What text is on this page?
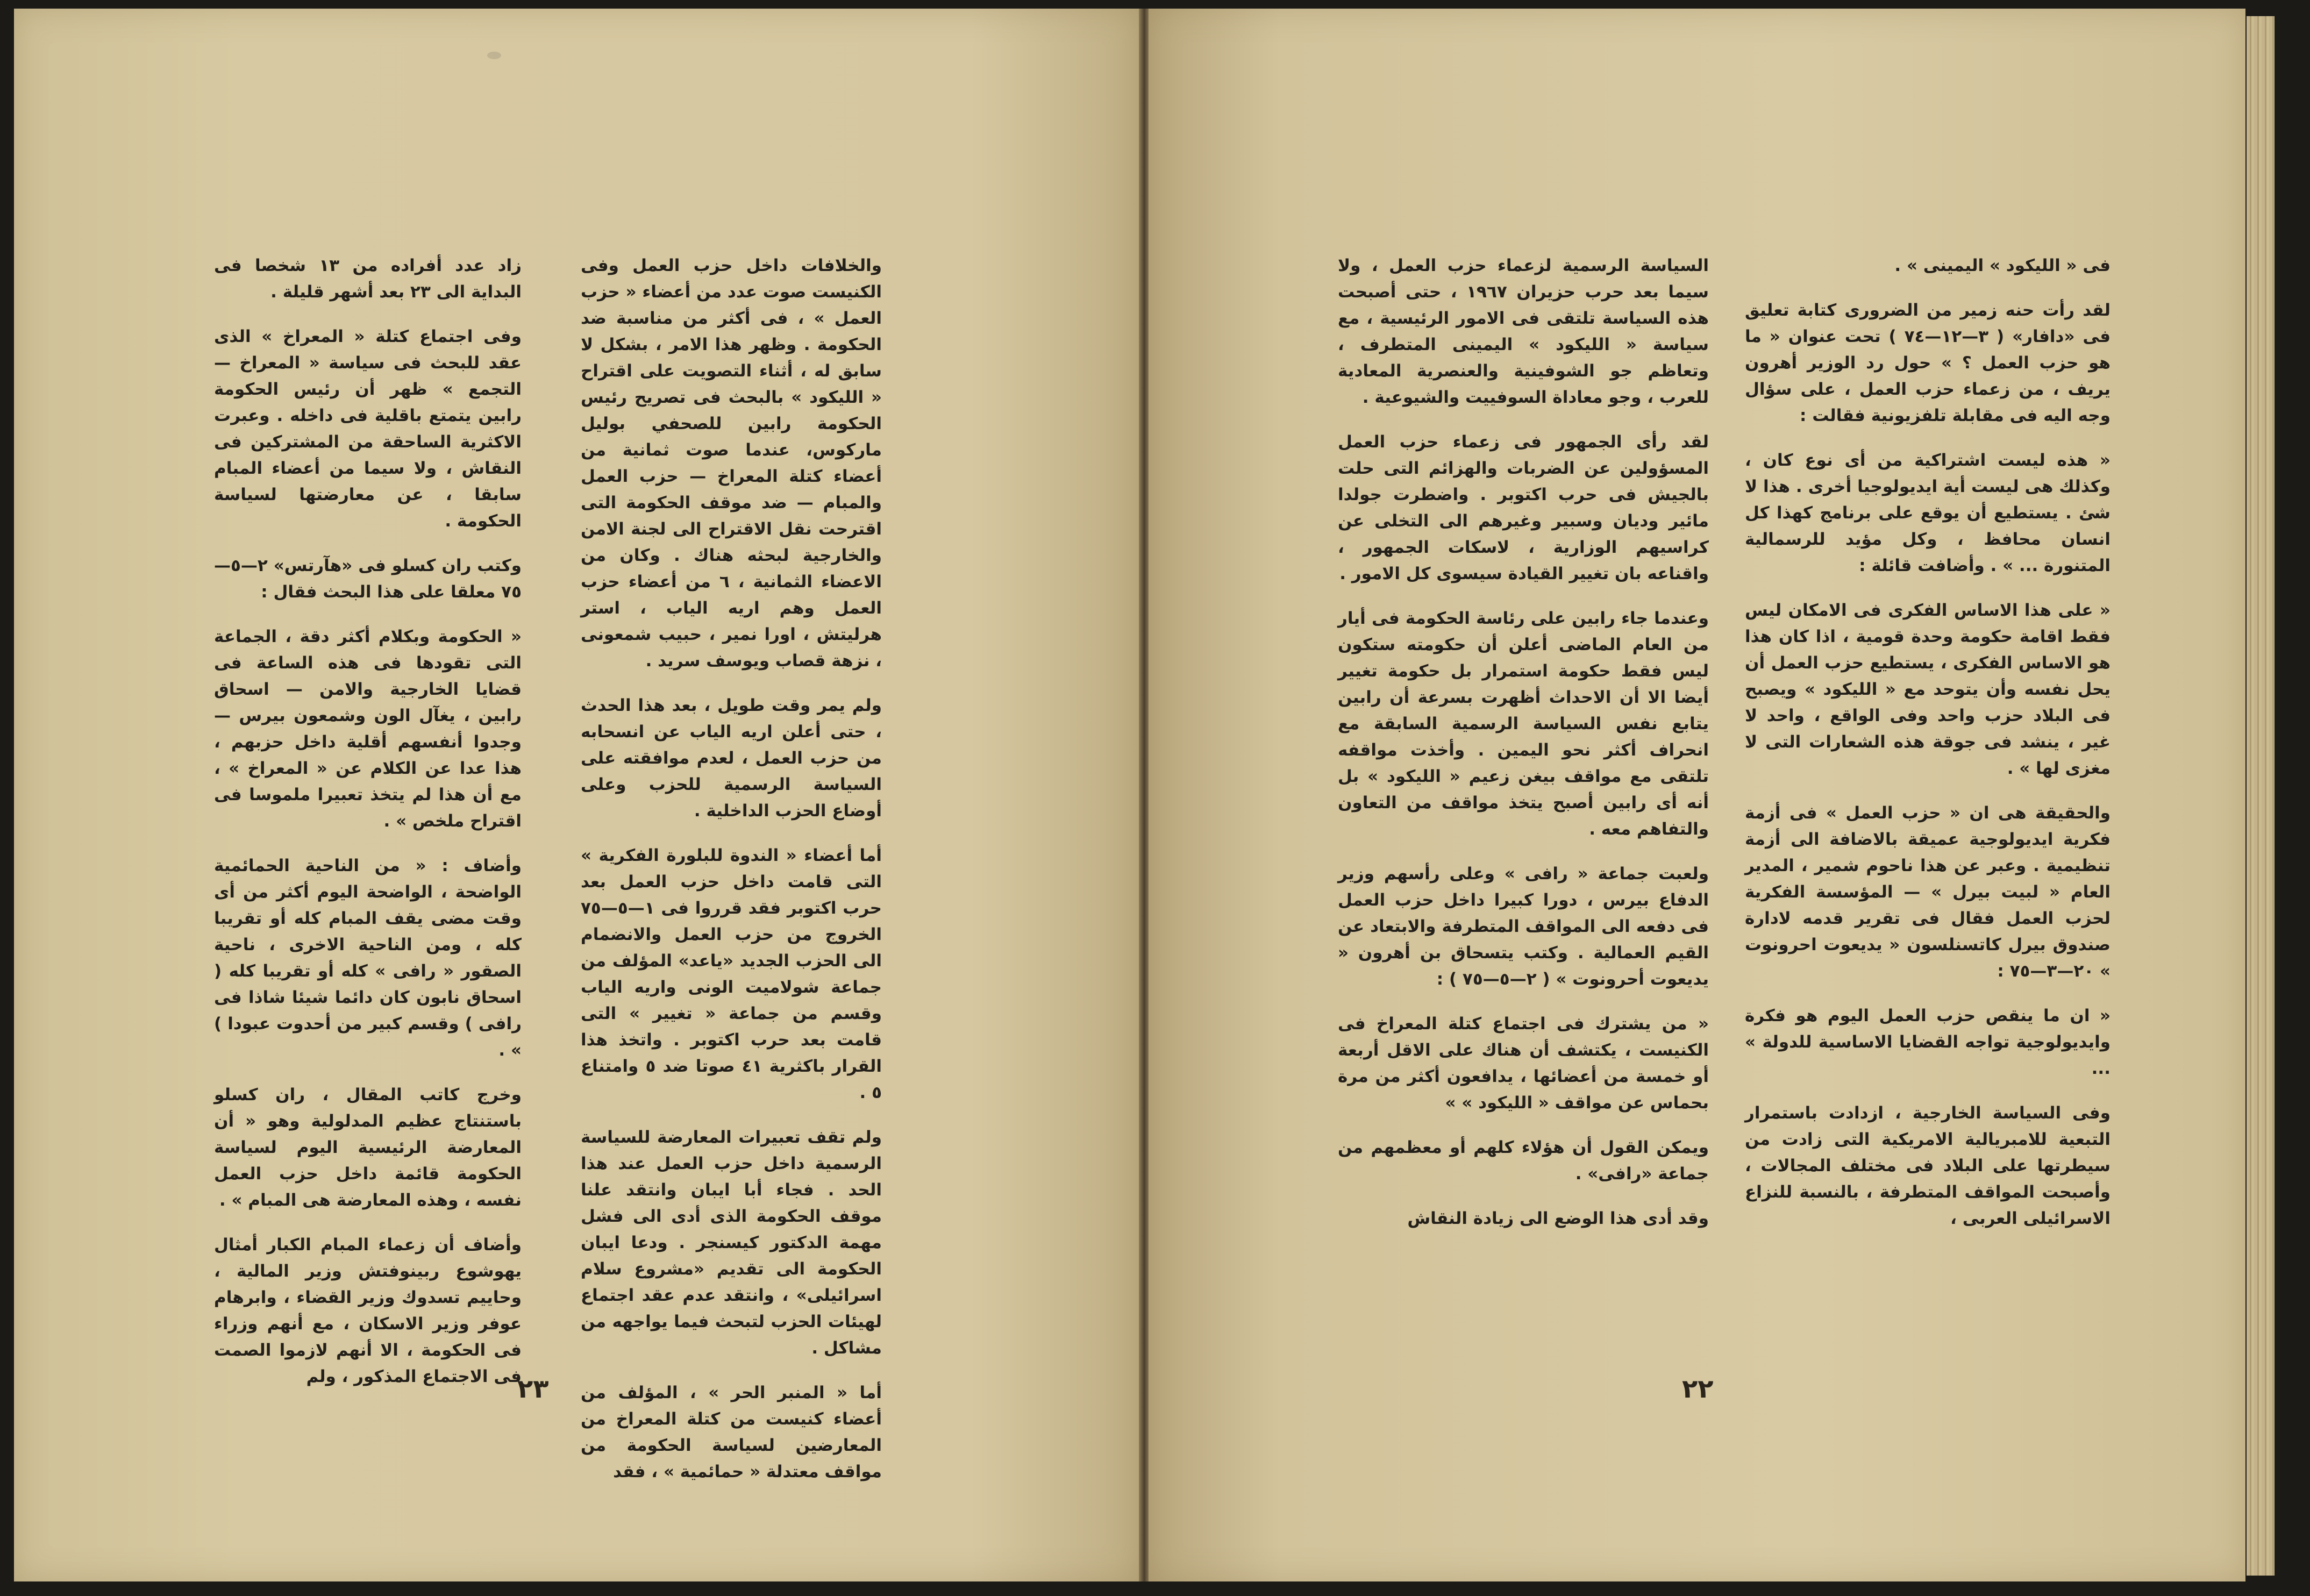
والخلافات داخل حزب العمل وفى الكنيست صوت عدد من أعضاء « حزب العمل » ، فى أكثر من مناسبة ضد الحكومة . وظهر هذا الامر ، بشكل لا سابق له ، أثناء التصويت على اقتراح « الليكود » بالبحث فى تصريح رئيس الحكومة رابين للصحفي بوليل ماركوس، عندما صوت ثمانية من أعضاء كتلة المعراخ — حزب العمل والمبام — ضد موقف الحكومة التى اقترحت نقل الاقتراح الى لجنة الامن والخارجية لبحثه هناك . وكان من الاعضاء الثمانية ، ٦ من أعضاء حزب العمل وهم اريه الياب ، استر هرليتش ، اورا نمير ، حبيب شمعونى ، نزهة قصاب ويوسف سريد .

ولم يمر وقت طويل ، بعد هذا الحدث ، حتى أعلن اريه الياب عن انسحابه من حزب العمل ، لعدم موافقته على السياسة الرسمية للحزب وعلى أوضاع الحزب الداخلية .

أما أعضاء « الندوة للبلورة الفكرية » التى قامت داخل حزب العمل بعد حرب اكتوبر فقد قرروا فى ١—٥—٧٥ الخروج من حزب العمل والانضمام الى الحزب الجديد «ياعد» المؤلف من جماعة شولاميت الونى واريه الياب وقسم من جماعة « تغيير » التى قامت بعد حرب اكتوبر . واتخذ هذا القرار باكثرية ٤١ صوتا ضد ٥ وامتناع ٥ .

ولم تقف تعبيرات المعارضة للسياسة الرسمية داخل حزب العمل عند هذا الحد . فجاء أبا ايبان وانتقد علنا موقف الحكومة الذى أدى الى فشل مهمة الدكتور كيسنجر . ودعا ايبان الحكومة الى تقديم «مشروع سلام اسرائيلى» ، وانتقد عدم عقد اجتماع لهيئات الحزب لتبحث فيما يواجهه من مشاكل .

أما « المنبر الحر » ، المؤلف من أعضاء كنيست من كتلة المعراخ من المعارضين لسياسة الحكومة من مواقف معتدلة « حمائمية » ، فقد

زاد عدد أفراده من ١٣ شخصا فى البداية الى ٢٣ بعد أشهر قليلة .

وفى اجتماع كتلة « المعراخ » الذى عقد للبحث فى سياسة « المعراخ — التجمع » ظهر أن رئيس الحكومة رابين يتمتع باقلية فى داخله . وعبرت الاكثرية الساحقة من المشتركين فى النقاش ، ولا سيما من أعضاء المبام سابقا ، عن معارضتها لسياسة الحكومة .

وكتب ران كسلو فى «هآرتس» ٢—٥—٧٥ معلقا على هذا البحث فقال :

« الحكومة وبكلام أكثر دقة ، الجماعة التى تقودها فى هذه الساعة فى قضايا الخارجية والامن — اسحاق رابين ، يغآل الون وشمعون بيرس — وجدوا أنفسهم أقلية داخل حزبهم ، هذا عدا عن الكلام عن « المعراخ » ، مع أن هذا لم يتخذ تعبيرا ملموسا فى اقتراح ملخص » .

وأضاف : « من الناحية الحمائمية الواضحة ، الواضحة اليوم أكثر من أى وقت مضى يقف المبام كله أو تقريبا كله ، ومن الناحية الاخرى ، ناحية الصقور « رافى » كله أو تقريبا كله ( اسحاق نابون كان دائما شيئا شاذا فى رافى ) وقسم كبير من أحدوت عبودا ) » .

وخرج كاتب المقال ، ران كسلو باستنتاج عظيم المدلولية وهو « أن المعارضة الرئيسية اليوم لسياسة الحكومة قائمة داخل حزب العمل نفسه ، وهذه المعارضة هى المبام » .

وأضاف أن زعماء المبام الكبار أمثال يهوشوع ربينوفتش وزير المالية ، وحاييم تسدوك وزير القضاء ، وابرهام عوفر وزير الاسكان ، مع أنهم وزراء فى الحكومة ، الا أنهم لازموا الصمت فى الاجتماع المذكور ، ولم

٢٣

فى « الليكود » اليمينى » .

لقد رأت حنه زمير من الضرورى كتابة تعليق فى «دافار» ( ٣—١٢—٧٤ ) تحت عنوان « ما هو حزب العمل ؟ » حول رد الوزير أهرون يريف ، من زعماء حزب العمل ، على سؤال وجه اليه فى مقابلة تلفزيونية فقالت :

« هذه ليست اشتراكية من أى نوع كان ، وكذلك هى ليست أية ايديولوجيا أخرى . هذا لا شئ . يستطيع أن يوقع على برنامج كهذا كل انسان محافظ ، وكل مؤيد للرسمالية المتنورة ... » . وأضافت قائلة :

« على هذا الاساس الفكرى فى الامكان ليس فقط اقامة حكومة وحدة قومية ، اذا كان هذا هو الاساس الفكرى ، يستطيع حزب العمل أن يحل نفسه وأن يتوحد مع « الليكود » ويصبح فى البلاد حزب واحد وفى الواقع ، واحد لا غير ، ينشد فى جوقة هذه الشعارات التى لا مغزى لها » .

والحقيقة هى ان « حزب العمل » فى أزمة فكرية ايديولوجية عميقة بالاضافة الى أزمة تنظيمية . وعبر عن هذا ناحوم شمير ، المدير العام « لبيت بيرل » — المؤسسة الفكرية لحزب العمل فقال فى تقرير قدمه لادارة صندوق بيرل كاتسنلسون « يديعوت احرونوت » ٢٠—٣—٧٥ :

« ان ما ينقص حزب العمل اليوم هو فكرة وايديولوجية تواجه القضايا الاساسية للدولة » ...

وفى السياسة الخارجية ، ازدادت باستمرار التبعية للامبريالية الامريكية التى زادت من سيطرتها على البلاد فى مختلف المجالات ، وأصبحت المواقف المتطرفة ، بالنسبة للنزاع الاسرائيلى العربى ،

السياسة الرسمية لزعماء حزب العمل ، ولا سيما بعد حرب حزيران ١٩٦٧ ، حتى أصبحت هذه السياسة تلتقى فى الامور الرئيسية ، مع سياسة « الليكود » اليمينى المتطرف ، وتعاظم جو الشوفينية والعنصرية المعادية للعرب ، وجو معاداة السوفييت والشيوعية .

لقد رأى الجمهور فى زعماء حزب العمل المسؤولين عن الضربات والهزائم التى حلت بالجيش فى حرب اكتوبر . واضطرت جولدا مائير وديان وسبير وغيرهم الى التخلى عن كراسيهم الوزارية ، لاسكات الجمهور ، واقناعه بان تغيير القيادة سيسوى كل الامور .

وعندما جاء رابين على رئاسة الحكومة فى أيار من العام الماضى أعلن أن حكومته ستكون ليس فقط حكومة استمرار بل حكومة تغيير أيضا الا أن الاحداث أظهرت بسرعة أن رابين يتابع نفس السياسة الرسمية السابقة مع انحراف أكثر نحو اليمين . وأخذت مواقفه تلتقى مع مواقف بيغن زعيم « الليكود » بل أنه أى رابين أصبح يتخذ مواقف من التعاون والتفاهم معه .

ولعبت جماعة « رافى » وعلى رأسهم وزير الدفاع بيرس ، دورا كبيرا داخل حزب العمل فى دفعه الى المواقف المتطرفة والابتعاد عن القيم العمالية . وكتب يتسحاق بن أهرون « يديعوت أحرونوت » ( ٢—٥—٧٥ ) :

« من يشترك فى اجتماع كتلة المعراخ فى الكنيست ، يكتشف أن هناك على الاقل أربعة أو خمسة من أعضائها ، يدافعون أكثر من مرة بحماس عن مواقف « الليكود » »

ويمكن القول أن هؤلاء كلهم أو معظمهم من جماعة «رافى» .

وقد أدى هذا الوضع الى زيادة النقاش

٢٢
